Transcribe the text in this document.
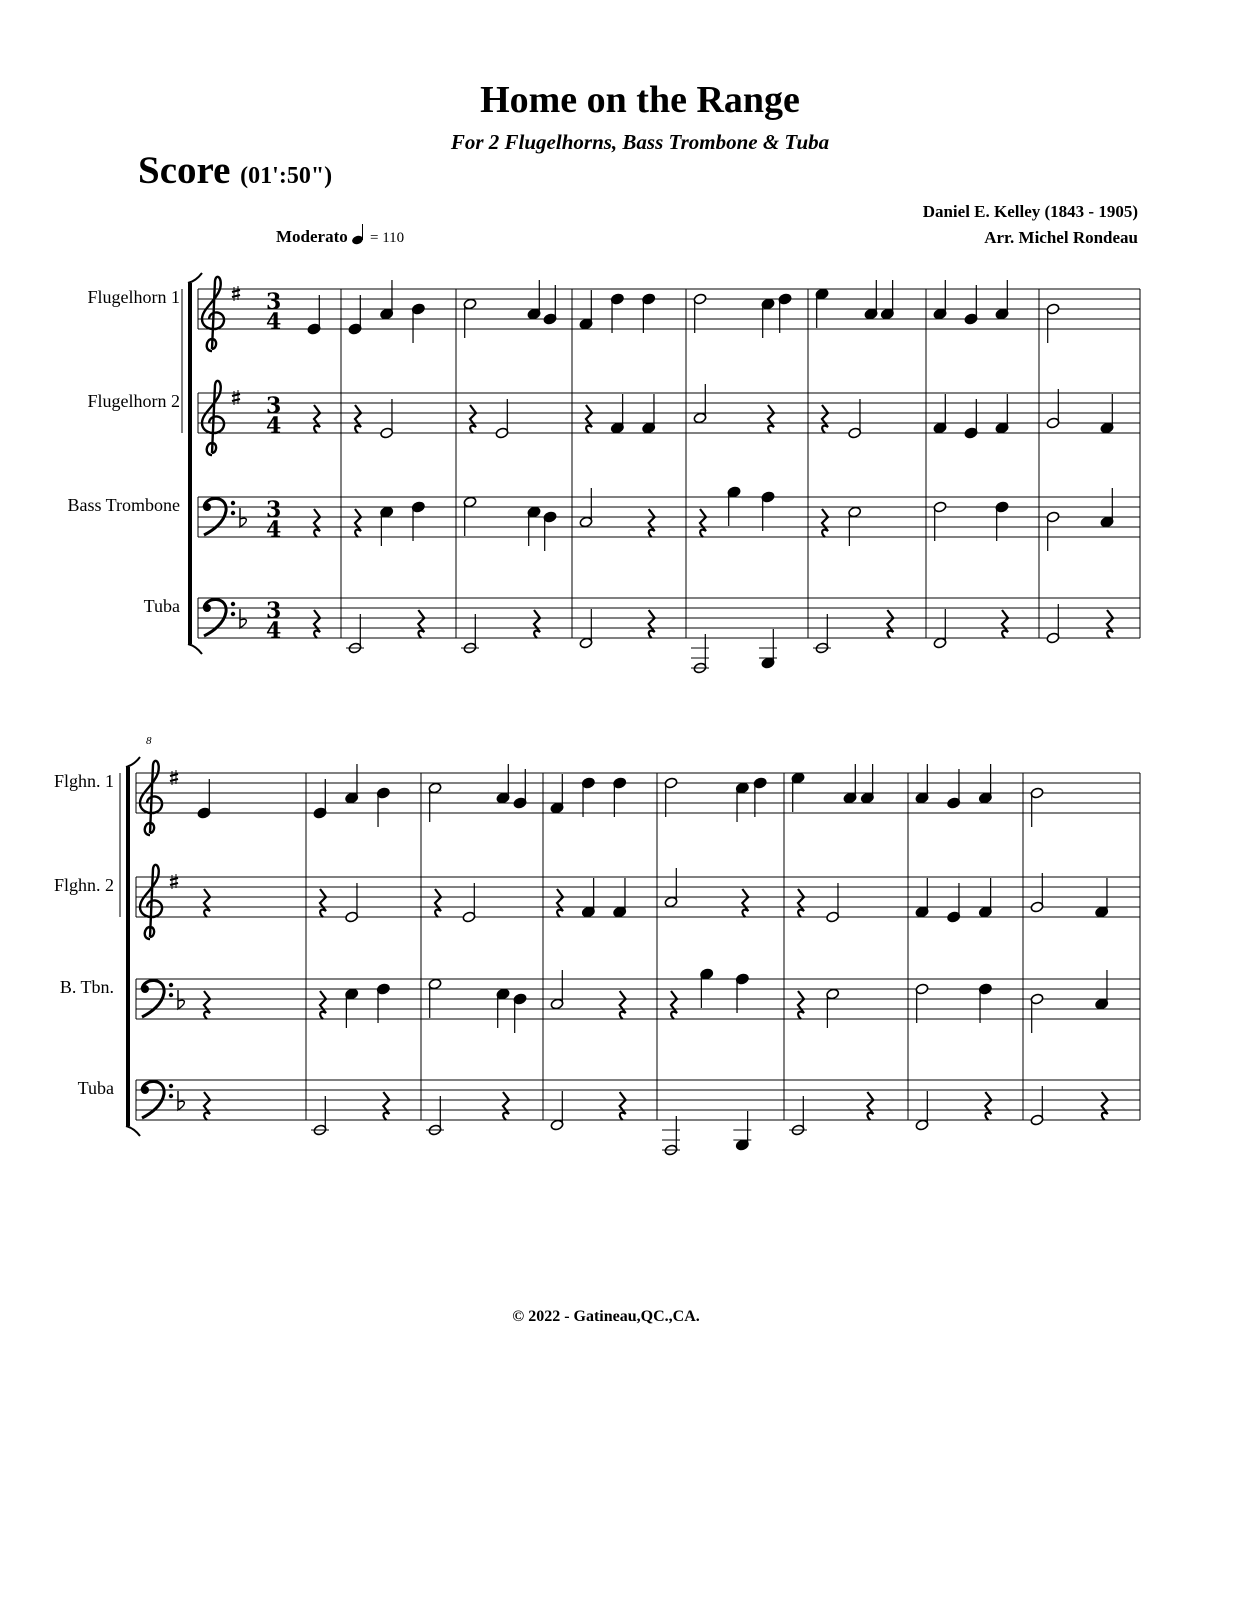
Home on the Range
For 2 Flugelhorns, Bass Trombone & Tuba
Score (01':50")
Daniel E. Kelley (1843 - 1905)
Arr. Michel Rondeau
Moderato = 110
Flugelhorn 1
Flugelhorn 2
Bass Trombone
Tuba
8
Flghn. 1
Flghn. 2
B. Tbn.
Tuba
3
4
3
4
3
4
3
4
© 2022 - Gatineau,QC.,CA.
